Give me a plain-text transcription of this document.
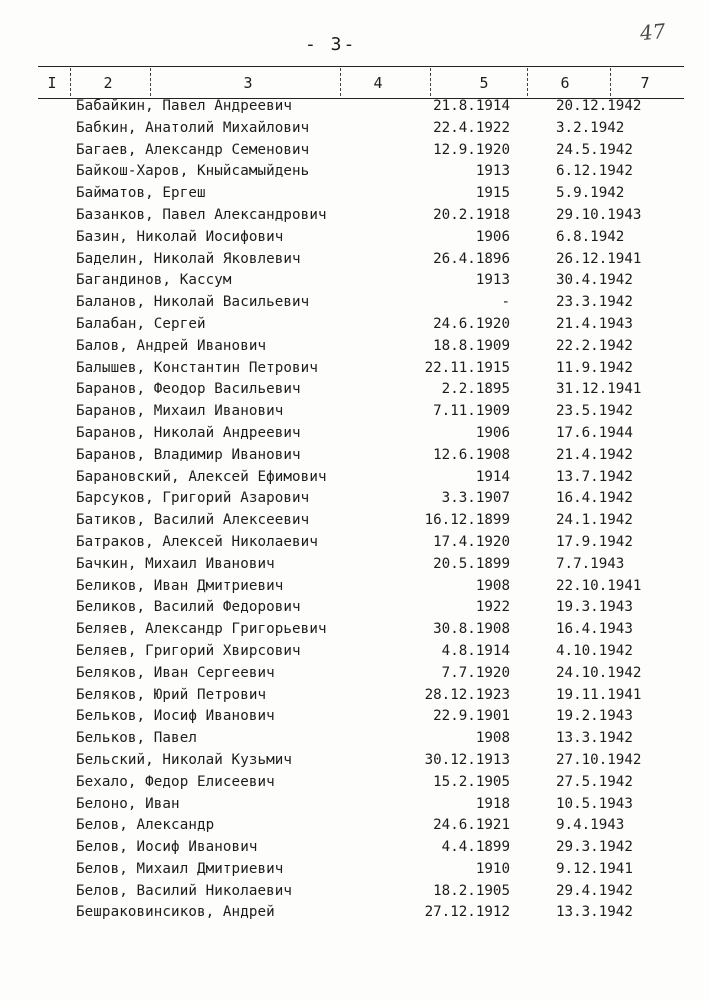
- 3-	47
I	2	3	4	5	6	7
Бабайкин, Павел Андреевич	21.8.1914	20.12.1942
Бабкин, Анатолий Михайлович	22.4.1922	3.2.1942
Багаев, Александр Семенович	12.9.1920	24.5.1942
Байкош-Харов, Кныйсамыйдень	1913	6.12.1942
Байматов, Ергеш	1915	5.9.1942
Базанков, Павел Александрович	20.2.1918	29.10.1943
Базин, Николай Иосифович	1906	6.8.1942
Баделин, Николай Яковлевич	26.4.1896	26.12.1941
Багандинов, Кассум	1913	30.4.1942
Баланов, Николай Васильевич	-	23.3.1942
Балабан, Сергей	24.6.1920	21.4.1943
Балов, Андрей Иванович	18.8.1909	22.2.1942
Балышев, Константин Петрович	22.11.1915	11.9.1942
Баранов, Феодор Васильевич	2.2.1895	31.12.1941
Баранов, Михаил Иванович	7.11.1909	23.5.1942
Баранов, Николай Андреевич	1906	17.6.1944
Баранов, Владимир Иванович	12.6.1908	21.4.1942
Барановский, Алексей Ефимович	1914	13.7.1942
Барсуков, Григорий Азарович	3.3.1907	16.4.1942
Батиков, Василий Алексеевич	16.12.1899	24.1.1942
Батраков, Алексей Николаевич	17.4.1920	17.9.1942
Бачкин, Михаил Иванович	20.5.1899	7.7.1943
Беликов, Иван Дмитриевич	1908	22.10.1941
Беликов, Василий Федорович	1922	19.3.1943
Беляев, Александр Григорьевич	30.8.1908	16.4.1943
Беляев, Григорий Хвирсович	4.8.1914	4.10.1942
Беляков, Иван Сергеевич	7.7.1920	24.10.1942
Беляков, Юрий Петрович	28.12.1923	19.11.1941
Бельков, Иосиф Иванович	22.9.1901	19.2.1943
Бельков, Павел	1908	13.3.1942
Бельский, Николай Кузьмич	30.12.1913	27.10.1942
Бехало, Федор Елисеевич	15.2.1905	27.5.1942
Белоно, Иван	1918	10.5.1943
Белов, Александр	24.6.1921	9.4.1943
Белов, Иосиф Иванович	4.4.1899	29.3.1942
Белов, Михаил Дмитриевич	1910	9.12.1941
Белов, Василий Николаевич	18.2.1905	29.4.1942
Бешраковинсиков, Андрей	27.12.1912	13.3.1942
